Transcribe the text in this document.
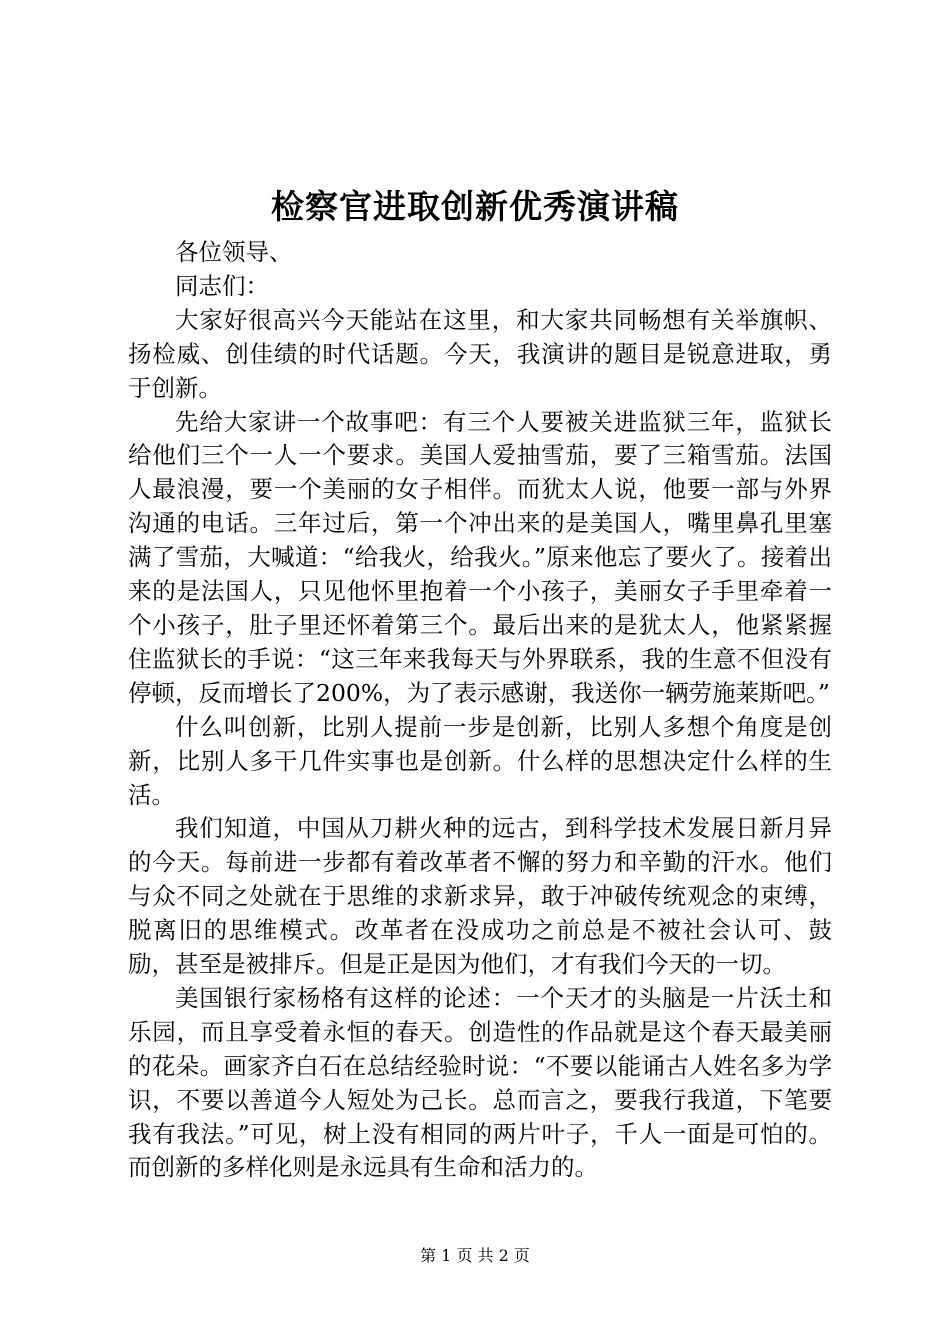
检察官进取创新优秀演讲稿
各位领导、
同志们：

大家好很高兴今天能站在这里，和大家共同畅想有关举旗帜、扬检威、创佳绩的时代话题。今天，我演讲的题目是锐意进取，勇于创新。

先给大家讲一个故事吧：有三个人要被关进监狱三年，监狱长给他们三个一人一个要求。美国人爱抽雪茄，要了三箱雪茄。法国人最浪漫，要一个美丽的女子相伴。而犹太人说，他要一部与外界沟通的电话。三年过后，第一个冲出来的是美国人，嘴里鼻孔里塞满了雪茄，大喊道：“给我火，给我火。”原来他忘了要火了。接着出来的是法国人，只见他怀里抱着一个小孩子，美丽女子手里牵着一个小孩子，肚子里还怀着第三个。最后出来的是犹太人，他紧紧握住监狱长的手说：“这三年来我每天与外界联系，我的生意不但没有停顿，反而增长了200%，为了表示感谢，我送你一辆劳施莱斯吧。”

什么叫创新，比别人提前一步是创新，比别人多想个角度是创新，比别人多干几件实事也是创新。什么样的思想决定什么样的生活。

我们知道，中国从刀耕火种的远古，到科学技术发展日新月异的今天。每前进一步都有着改革者不懈的努力和辛勤的汗水。他们与众不同之处就在于思维的求新求异，敢于冲破传统观念的束缚，脱离旧的思维模式。改革者在没成功之前总是不被社会认可、鼓励，甚至是被排斥。但是正是因为他们，才有我们今天的一切。

美国银行家杨格有这样的论述：一个天才的头脑是一片沃土和乐园，而且享受着永恒的春天。创造性的作品就是这个春天最美丽的花朵。画家齐白石在总结经验时说：“不要以能诵古人姓名多为学识，不要以善道今人短处为己长。总而言之，要我行我道，下笔要我有我法。”可见，树上没有相同的两片叶子，千人一面是可怕的。而创新的多样化则是永远具有生命和活力的。

第 1 页 共 2 页
